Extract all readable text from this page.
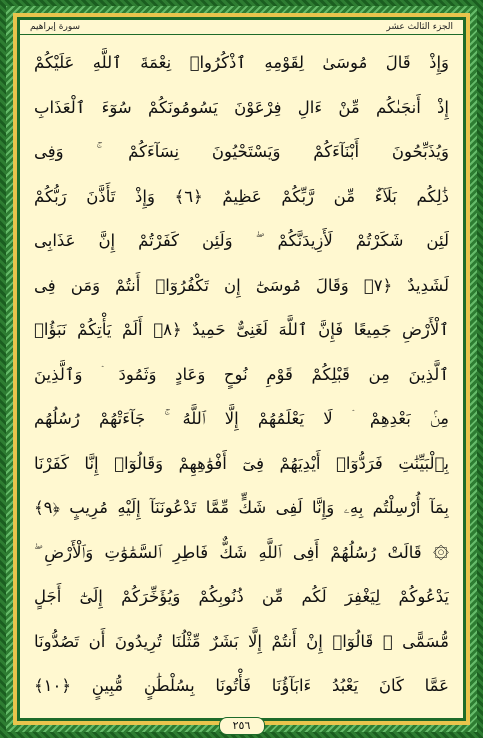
الجزء الثالث عشر
سورة إبراهيم
وَإِذْ قَالَ مُوسَىٰ لِقَوْمِهِ ٱذْكُرُوا۟ نِعْمَةَ ٱللَّهِ عَلَيْكُمْ
إِذْ أَنجَىٰكُم مِّنْ ءَالِ فِرْعَوْنَ يَسُومُونَكُمْ سُوٓءَ ٱلْعَذَابِ
وَيُذَبِّحُونَ أَبْنَآءَكُمْ وَيَسْتَحْيُونَ نِسَآءَكُمْ ۚ وَفِى
ذَٰلِكُم بَلَآءٌ مِّن رَّبِّكُمْ عَظِيمٌ ﴿٦﴾ وَإِذْ تَأَذَّنَ رَبُّكُمْ
لَئِن شَكَرْتُمْ لَأَزِيدَنَّكُمْ ۖ وَلَئِن كَفَرْتُمْ إِنَّ عَذَابِى
لَشَدِيدٌ ﴿٧﴾ وَقَالَ مُوسَىٰٓ إِن تَكْفُرُوٓا۟ أَنتُمْ وَمَن فِى
ٱلْأَرْضِ جَمِيعًا فَإِنَّ ٱللَّهَ لَغَنِىٌّ حَمِيدٌ ﴿٨﴾ أَلَمْ يَأْتِكُمْ نَبَؤُا۟
ٱلَّذِينَ مِن قَبْلِكُمْ قَوْمِ نُوحٍ وَعَادٍ وَثَمُودَ ۛ وَٱلَّذِينَ
مِنۢ بَعْدِهِمْ ۛ لَا يَعْلَمُهُمْ إِلَّا ٱللَّهُ ۚ جَآءَتْهُمْ رُسُلُهُم
بِٱلْبَيِّنَٰتِ فَرَدُّوٓا۟ أَيْدِيَهُمْ فِىٓ أَفْوَٰهِهِمْ وَقَالُوٓا۟ إِنَّا كَفَرْنَا
بِمَآ أُرْسِلْتُم بِهِۦ وَإِنَّا لَفِى شَكٍّ مِّمَّا تَدْعُونَنَآ إِلَيْهِ مُرِيبٍ ﴿٩﴾
۞ قَالَتْ رُسُلُهُمْ أَفِى ٱللَّهِ شَكٌّ فَاطِرِ ٱلسَّمَٰوَٰتِ وَٱلْأَرْضِ ۖ
يَدْعُوكُمْ لِيَغْفِرَ لَكُم مِّن ذُنُوبِكُمْ وَيُؤَخِّرَكُمْ إِلَىٰٓ أَجَلٍ
مُّسَمًّى ۚ قَالُوٓا۟ إِنْ أَنتُمْ إِلَّا بَشَرٌ مِّثْلُنَا تُرِيدُونَ أَن تَصُدُّونَا
عَمَّا كَانَ يَعْبُدُ ءَابَآؤُنَا فَأْتُونَا بِسُلْطَٰنٍ مُّبِينٍ ﴿١٠﴾
٢٥٦
